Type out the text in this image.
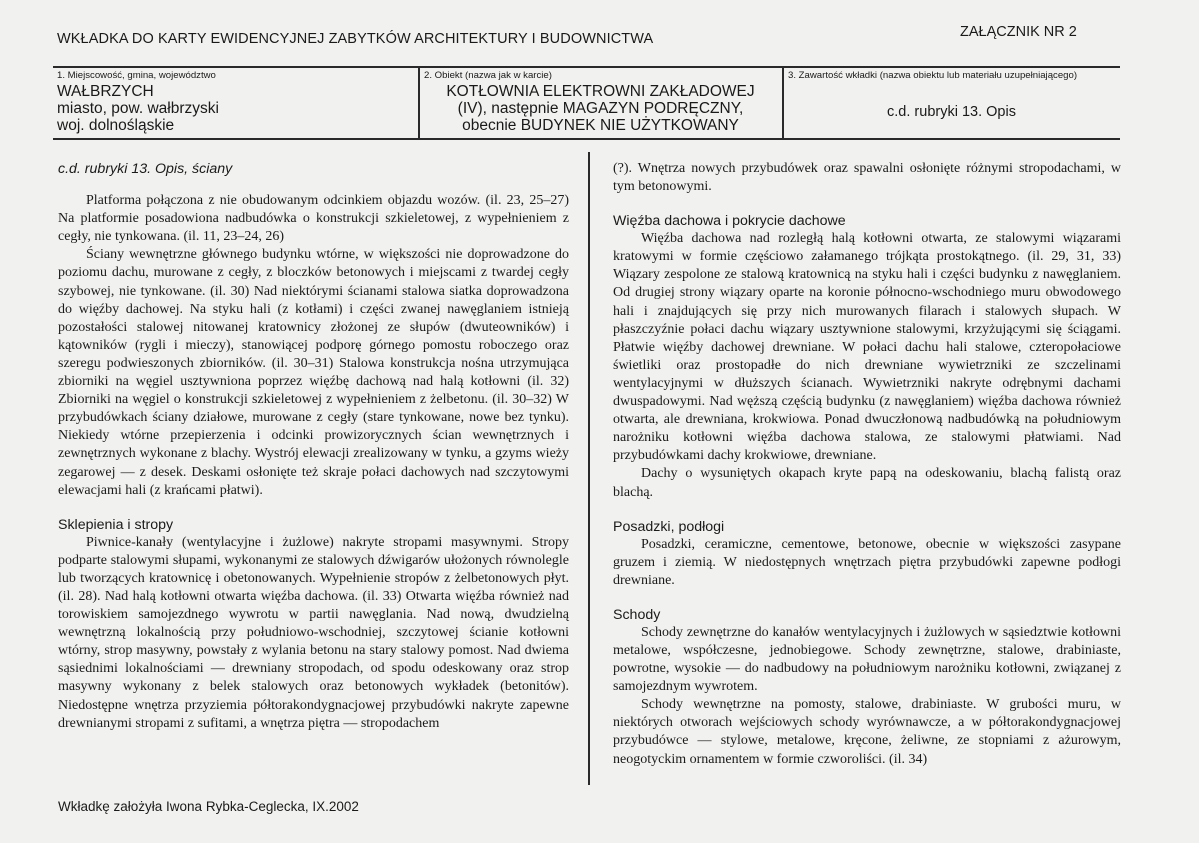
WKŁADKA DO KARTY EWIDENCYJNEJ ZABYTKÓW ARCHITEKTURY I BUDOWNICTWA	ZAŁĄCZNIK NR 2
1. Miejscowość, gmina, województwo
WAŁBRZYCH
miasto, pow. wałbrzyski
woj. dolnośląskie
2. Obiekt (nazwa jak w karcie)
KOTŁOWNIA ELEKTROWNI ZAKŁADOWEJ
(IV), następnie MAGAZYN PODRĘCZNY,
obecnie BUDYNEK NIE UŻYTKOWANY
3. Zawartość wkładki (nazwa obiektu lub materiału uzupełniającego)
c.d. rubryki 13. Opis
c.d. rubryki 13. Opis, ściany

Platforma połączona z nie obudowanym odcinkiem objazdu wozów. (il. 23, 25–27) Na platformie posadowiona nadbudówka o konstrukcji szkieletowej, z wypełnieniem z cegły, nie tynkowana. (il. 11, 23–24, 26)

Ściany wewnętrzne głównego budynku wtórne, w większości nie doprowadzone do poziomu dachu, murowane z cegły, z bloczków betonowych i miejscami z twardej cegły szybowej, nie tynkowane. (il. 30) Nad niektórymi ścianami stalowa siatka doprowadzona do więźby dachowej. Na styku hali (z kotłami) i części zwanej nawęglaniem istnieją pozostałości stalowej nitowanej kratownicy złożonej ze słupów (dwuteowników) i kątowników (rygli i mieczy), stanowiącej podporę górnego pomostu roboczego oraz szeregu podwieszonych zbiorników. (il. 30–31) Stalowa konstrukcja nośna utrzymująca zbiorniki na węgiel usztywniona poprzez więźbę dachową nad halą kotłowni (il. 32) Zbiorniki na węgiel o konstrukcji szkieletowej z wypełnieniem z żelbetonu. (il. 30–32) W przybudówkach ściany działowe, murowane z cegły (stare tynkowane, nowe bez tynku). Niekiedy wtórne przepierzenia i odcinki prowizorycznych ścian wewnętrznych i zewnętrznych wykonane z blachy. Wystrój elewacji zrealizowany w tynku, a gzyms wieży zegarowej — z desek. Deskami osłonięte też skraje połaci dachowych nad szczytowymi elewacjami hali (z krańcami płatwi).

Sklepienia i stropy

Piwnice-kanały (wentylacyjne i żużlowe) nakryte stropami masywnymi. Stropy podparte stalowymi słupami, wykonanymi ze stalowych dźwigarów ułożonych równolegle lub tworzących kratownicę i obetonowanych. Wypełnienie stropów z żelbetonowych płyt. (il. 28). Nad halą kotłowni otwarta więźba dachowa. (il. 33) Otwarta więźba również nad torowiskiem samojezdnego wywrotu w partii nawęglania. Nad nową, dwudzielną wewnętrzną lokalnością przy południowo-wschodniej, szczytowej ścianie kotłowni wtórny, strop masywny, powstały z wylania betonu na stary stalowy pomost. Nad dwiema sąsiednimi lokalnościami — drewniany stropodach, od spodu odeskowany oraz strop masywny wykonany z belek stalowych oraz betonowych wykładek (betonitów). Niedostępne wnętrza przyziemia półtorakondygnacjowej przybudówki nakryte zapewne drewnianymi stropami z sufitami, a wnętrza piętra — stropodachem

(?). Wnętrza nowych przybudówek oraz spawalni osłonięte różnymi stropodachami, w tym betonowymi.

Więźba dachowa i pokrycie dachowe

Więźba dachowa nad rozległą halą kotłowni otwarta, ze stalowymi wiązarami kratowymi w formie częściowo załamanego trójkąta prostokątnego. (il. 29, 31, 33) Wiązary zespolone ze stalową kratownicą na styku hali i części budynku z nawęglaniem. Od drugiej strony wiązary oparte na koronie północno-wschodniego muru obwodowego hali i znajdujących się przy nich murowanych filarach i stalowych słupach. W płaszczyźnie połaci dachu wiązary usztywnione stalowymi, krzyżującymi się ściągami. Płatwie więźby dachowej drewniane. W połaci dachu hali stalowe, czteropołaciowe świetliki oraz prostopadłe do nich drewniane wywietrzniki ze szczelinami wentylacyjnymi w dłuższych ścianach. Wywietrzniki nakryte odrębnymi dachami dwuspadowymi. Nad węższą częścią budynku (z nawęglaniem) więźba dachowa również otwarta, ale drewniana, krokwiowa. Ponad dwuczłonową nadbudówką na południowym narożniku kotłowni więźba dachowa stalowa, ze stalowymi płatwiami. Nad przybudówkami dachy krokwiowe, drewniane.

Dachy o wysuniętych okapach kryte papą na odeskowaniu, blachą falistą oraz blachą.

Posadzki, podłogi

Posadzki, ceramiczne, cementowe, betonowe, obecnie w większości zasypane gruzem i ziemią. W niedostępnych wnętrzach piętra przybudówki zapewne podłogi drewniane.

Schody

Schody zewnętrzne do kanałów wentylacyjnych i żużlowych w sąsiedztwie kotłowni metalowe, współczesne, jednobiegowe. Schody zewnętrzne, stalowe, drabiniaste, powrotne, wysokie — do nadbudowy na południowym narożniku kotłowni, związanej z samojezdnym wywrotem.

Schody wewnętrzne na pomosty, stalowe, drabiniaste. W grubości muru, w niektórych otworach wejściowych schody wyrównawcze, a w półtorakondygnacjowej przybudówce — stylowe, metalowe, kręcone, żeliwne, ze stopniami z ażurowym, neogotyckim ornamentem w formie czworoliści. (il. 34)

Wkładkę założyła Iwona Rybka-Ceglecka, IX.2002
